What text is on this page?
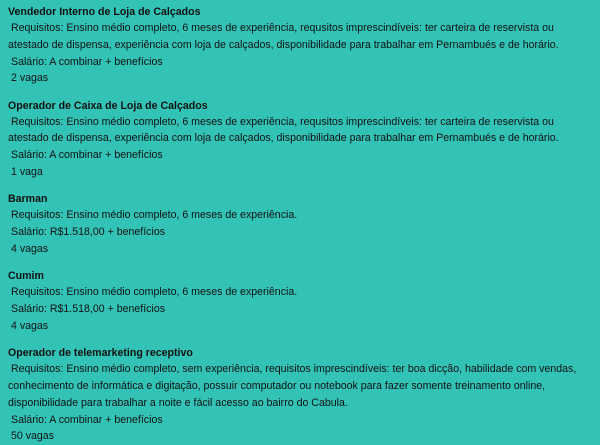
Vendedor Interno de Loja de Calçados
Requisitos: Ensino médio completo, 6 meses de experiência, requsitos imprescindíveis: ter carteira de reservista ou atestado de dispensa, experiência com loja de calçados, disponibilidade para trabalhar em Pernambués e de horário.
Salário: A combinar + benefícios
2 vagas
Operador de Caixa de Loja de Calçados
Requisitos: Ensino médio completo, 6 meses de experiência, requsitos imprescindíveis: ter carteira de reservista ou atestado de dispensa, experiência com loja de calçados, disponibilidade para trabalhar em Pernambués e de horário.
Salário: A combinar + benefícios
1 vaga
Barman
Requisitos: Ensino médio completo, 6 meses de experiência.
Salário: R$1.518,00 + benefícios
4 vagas
Cumim
Requisitos: Ensino médio completo, 6 meses de experiência.
Salário: R$1.518,00 + benefícios
4 vagas
Operador de telemarketing receptivo
Requisitos: Ensino médio completo, sem experiência, requisitos imprescindíveis: ter boa dicção, habilidade com vendas, conhecimento de informática e digitação, possuir computador ou notebook para fazer somente treinamento online, disponibilidade para trabalhar a noite e fácil acesso ao bairro do Cabula.
Salário: A combinar + benefícios
50 vagas
